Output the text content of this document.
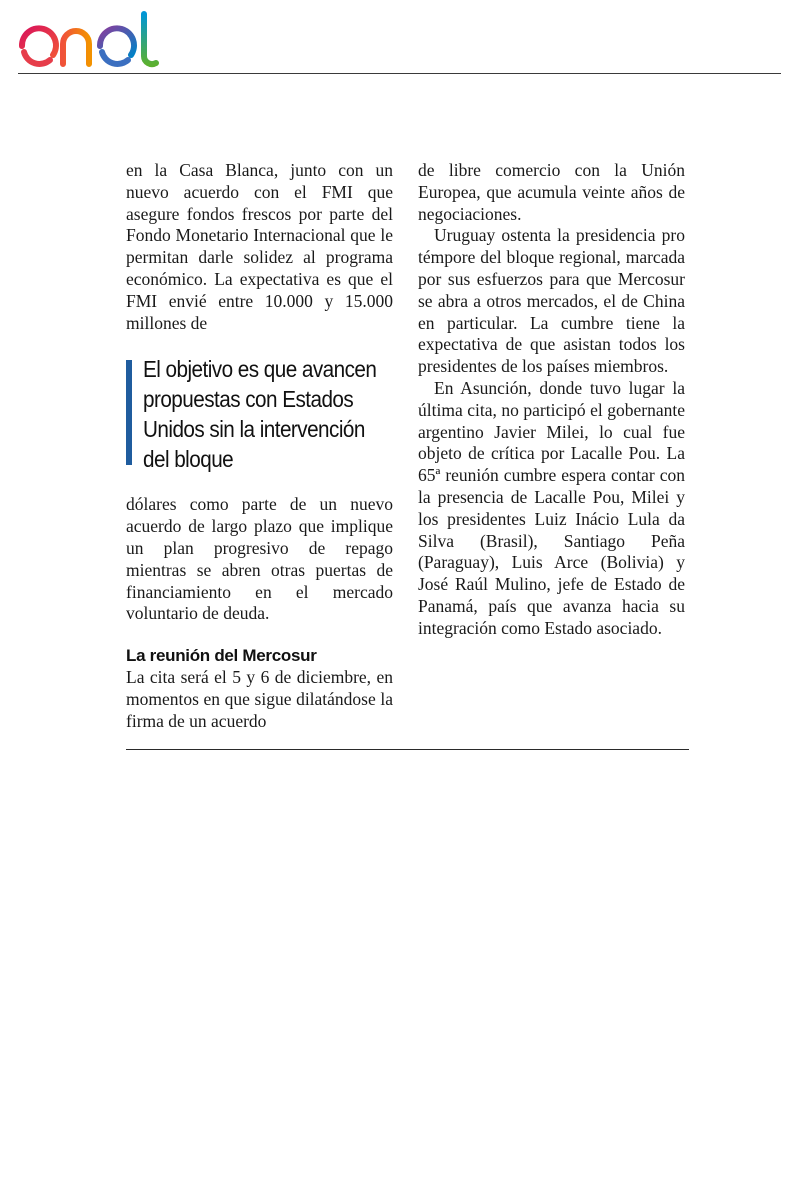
en la Casa Blanca, junto con un nuevo acuerdo con el FMI que asegure fondos frescos por parte del Fondo Monetario Internacional que le permitan darle solidez al programa económico. La expectativa es que el FMI envié entre 10.000 y 15.000 millones de

El objetivo es que avancen propuestas con Estados Unidos sin la intervención del bloque

dólares como parte de un nuevo acuerdo de largo plazo que implique un plan progresivo de repago mientras se abren otras puertas de financiamiento en el mercado voluntario de deuda.

La reunión del Mercosur

La cita será el 5 y 6 de diciembre, en momentos en que sigue dilatándose la firma de un acuerdo

de libre comercio con la Unión Europea, que acumula veinte años de negociaciones.

Uruguay ostenta la presidencia pro témpore del bloque regional, marcada por sus esfuerzos para que Mercosur se abra a otros mercados, el de China en particular. La cumbre tiene la expectativa de que asistan todos los presidentes de los países miembros.

En Asunción, donde tuvo lugar la última cita, no participó el gobernante argentino Javier Milei, lo cual fue objeto de crítica por Lacalle Pou. La 65ª reunión cumbre espera contar con la presencia de Lacalle Pou, Milei y los presidentes Luiz Inácio Lula da Silva (Brasil), Santiago Peña (Paraguay), Luis Arce (Bolivia) y José Raúl Mulino, jefe de Estado de Panamá, país que avanza hacia su integración como Estado asociado.
